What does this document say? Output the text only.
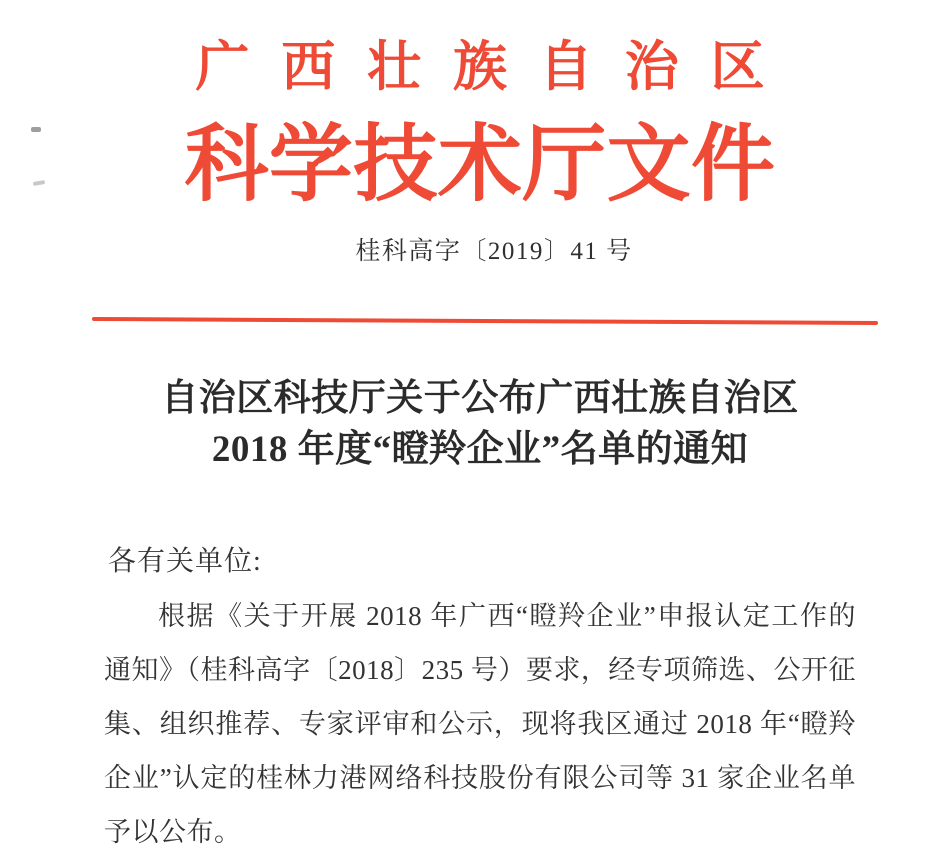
广 西 壮 族 自 治 区
科学技术厅文件
桂科高字〔2019〕41 号
自治区科技厅关于公布广西壮族自治区
2018 年度“瞪羚企业”名单的通知
各有关单位:
根据《关于开展 2018 年广西“瞪羚企业”申报认定工作的
通知》（桂科高字〔2018〕235 号）要求，经专项筛选、公开征
集、组织推荐、专家评审和公示，现将我区通过 2018 年“瞪羚
企业”认定的桂林力港网络科技股份有限公司等 31 家企业名单
予以公布。
